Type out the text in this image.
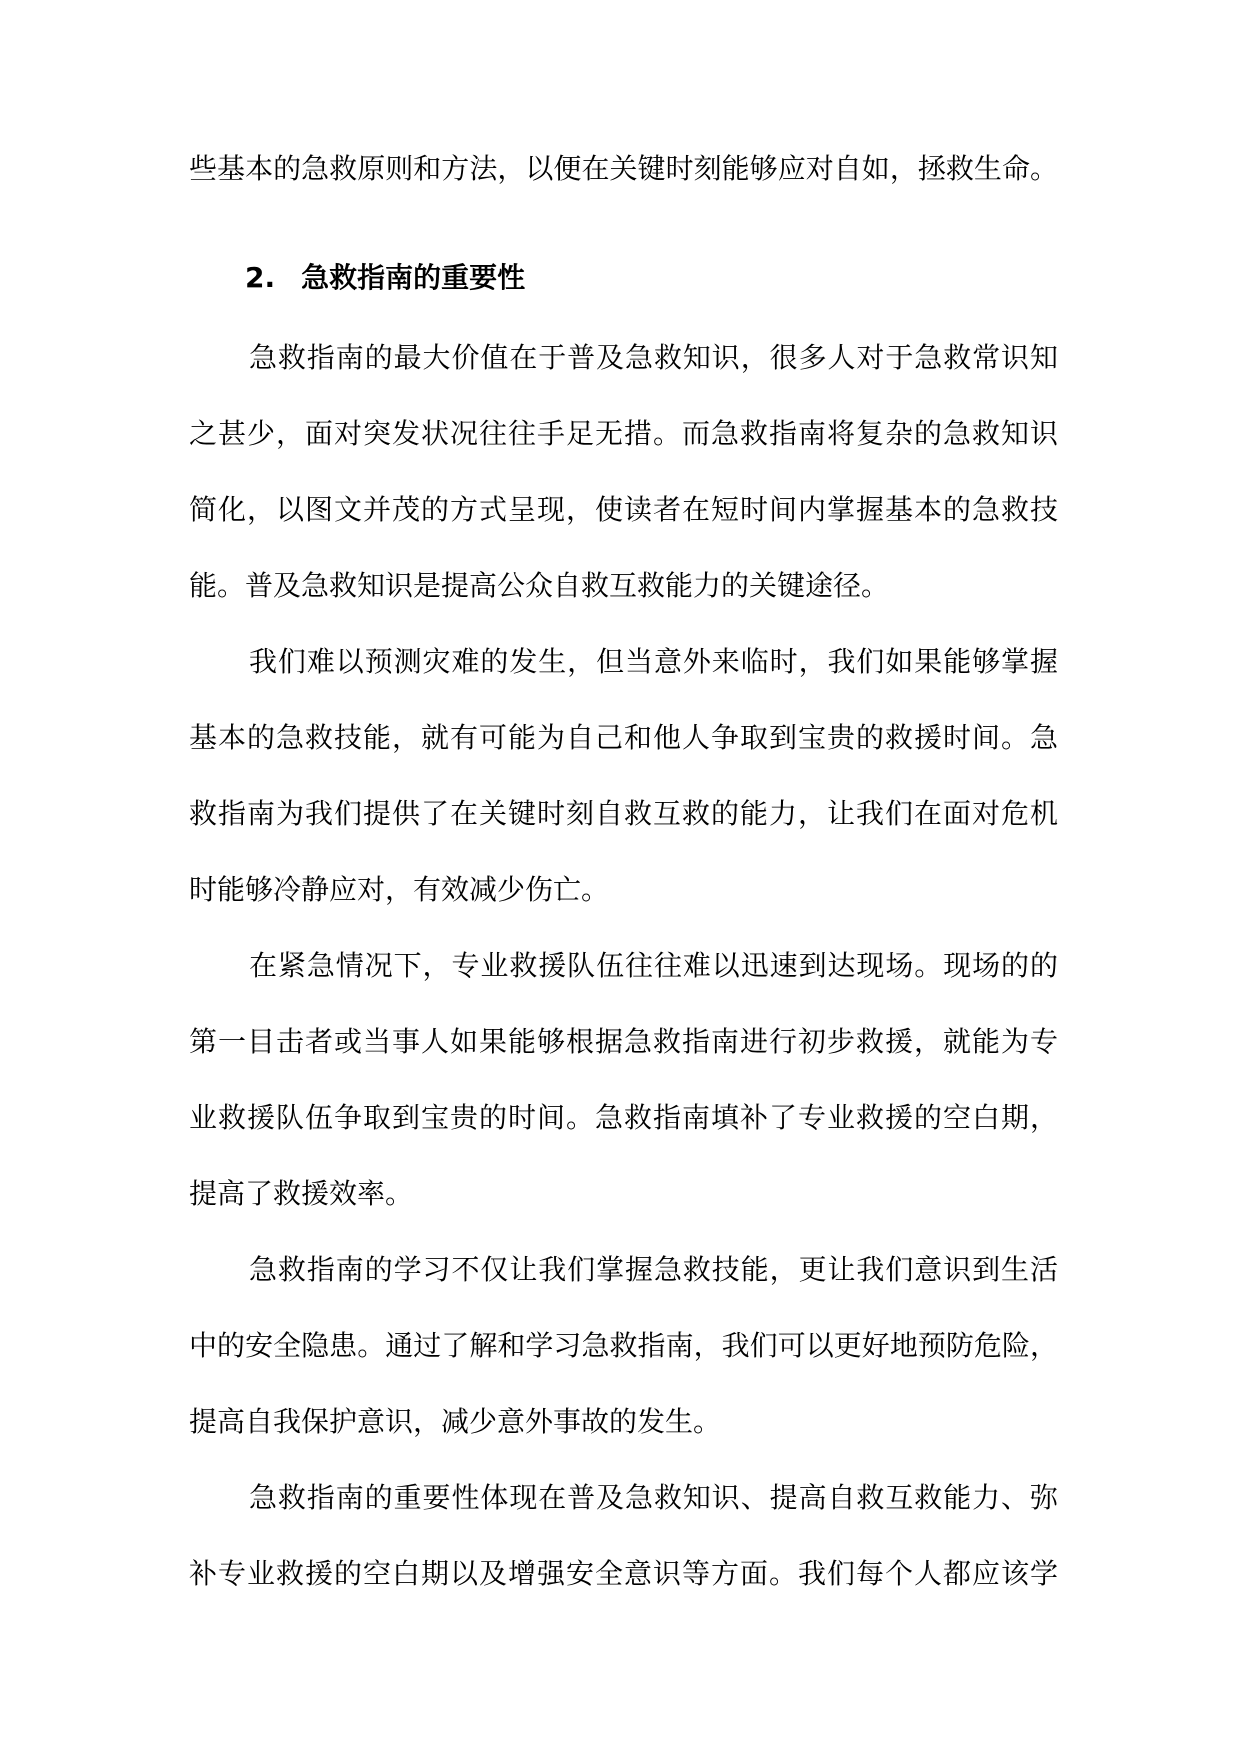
些基本的急救原则和方法，以便在关键时刻能够应对自如，拯救生命。
2. 急救指南的重要性
急救指南的最大价值在于普及急救知识，很多人对于急救常识知
之甚少，面对突发状况往往手足无措。而急救指南将复杂的急救知识
简化，以图文并茂的方式呈现，使读者在短时间内掌握基本的急救技
能。普及急救知识是提高公众自救互救能力的关键途径。
我们难以预测灾难的发生，但当意外来临时，我们如果能够掌握
基本的急救技能，就有可能为自己和他人争取到宝贵的救援时间。急
救指南为我们提供了在关键时刻自救互救的能力，让我们在面对危机
时能够冷静应对，有效减少伤亡。
在紧急情况下，专业救援队伍往往难以迅速到达现场。现场的的
第一目击者或当事人如果能够根据急救指南进行初步救援，就能为专
业救援队伍争取到宝贵的时间。急救指南填补了专业救援的空白期，
提高了救援效率。
急救指南的学习不仅让我们掌握急救技能，更让我们意识到生活
中的安全隐患。通过了解和学习急救指南，我们可以更好地预防危险，
提高自我保护意识，减少意外事故的发生。
急救指南的重要性体现在普及急救知识、提高自救互救能力、弥
补专业救援的空白期以及增强安全意识等方面。我们每个人都应该学
